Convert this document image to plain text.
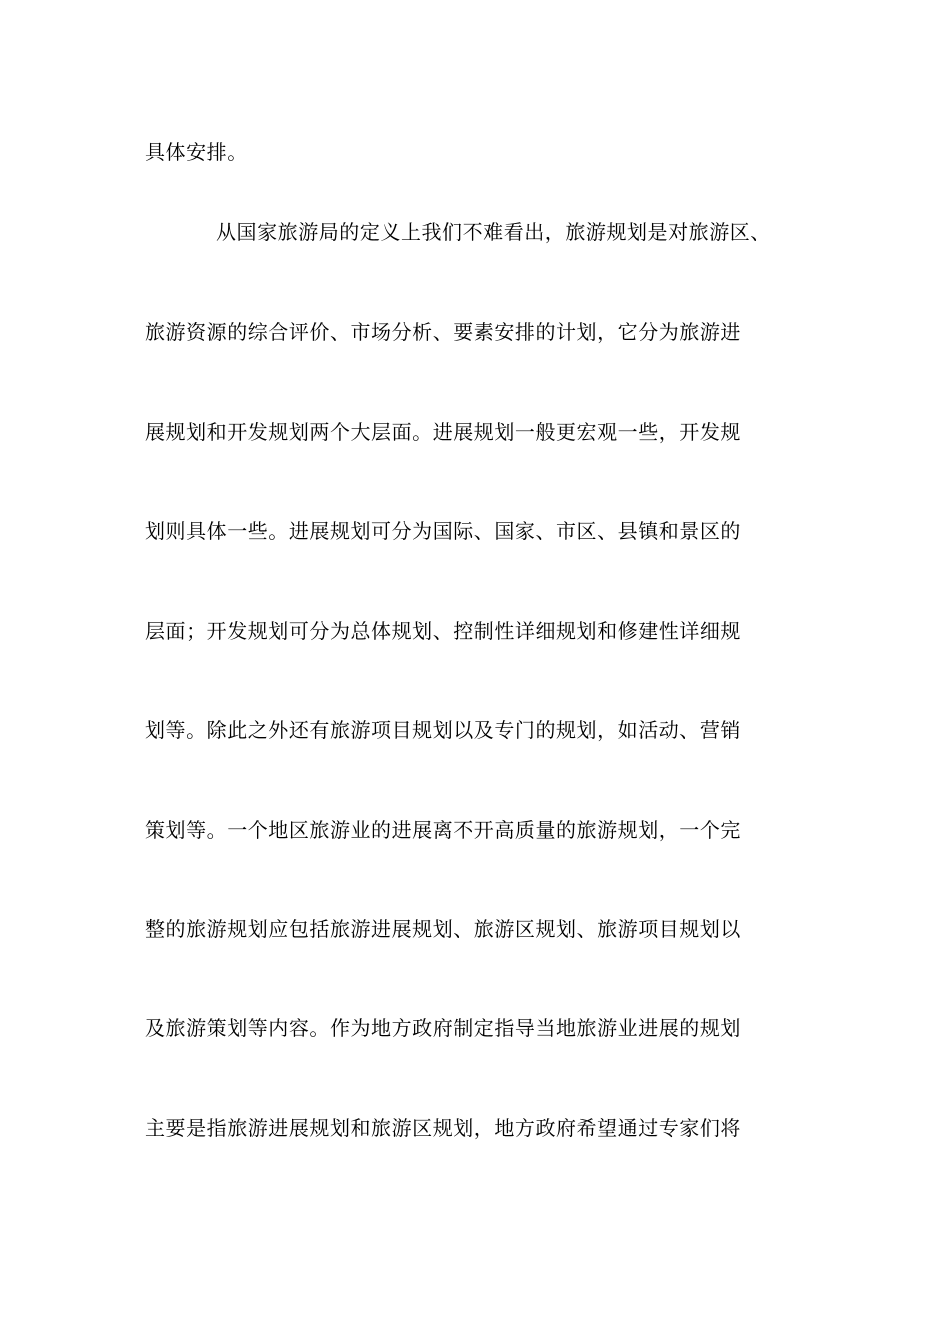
具体安排。
从国家旅游局的定义上我们不难看出，旅游规划是对旅游区、
旅游资源的综合评价、市场分析、要素安排的计划，它分为旅游进
展规划和开发规划两个大层面。进展规划一般更宏观一些，开发规
划则具体一些。进展规划可分为国际、国家、市区、县镇和景区的
层面；开发规划可分为总体规划、控制性详细规划和修建性详细规
划等。除此之外还有旅游项目规划以及专门的规划，如活动、营销
策划等。一个地区旅游业的进展离不开高质量的旅游规划，一个完
整的旅游规划应包括旅游进展规划、旅游区规划、旅游项目规划以
及旅游策划等内容。作为地方政府制定指导当地旅游业进展的规划
主要是指旅游进展规划和旅游区规划，地方政府希望通过专家们将
